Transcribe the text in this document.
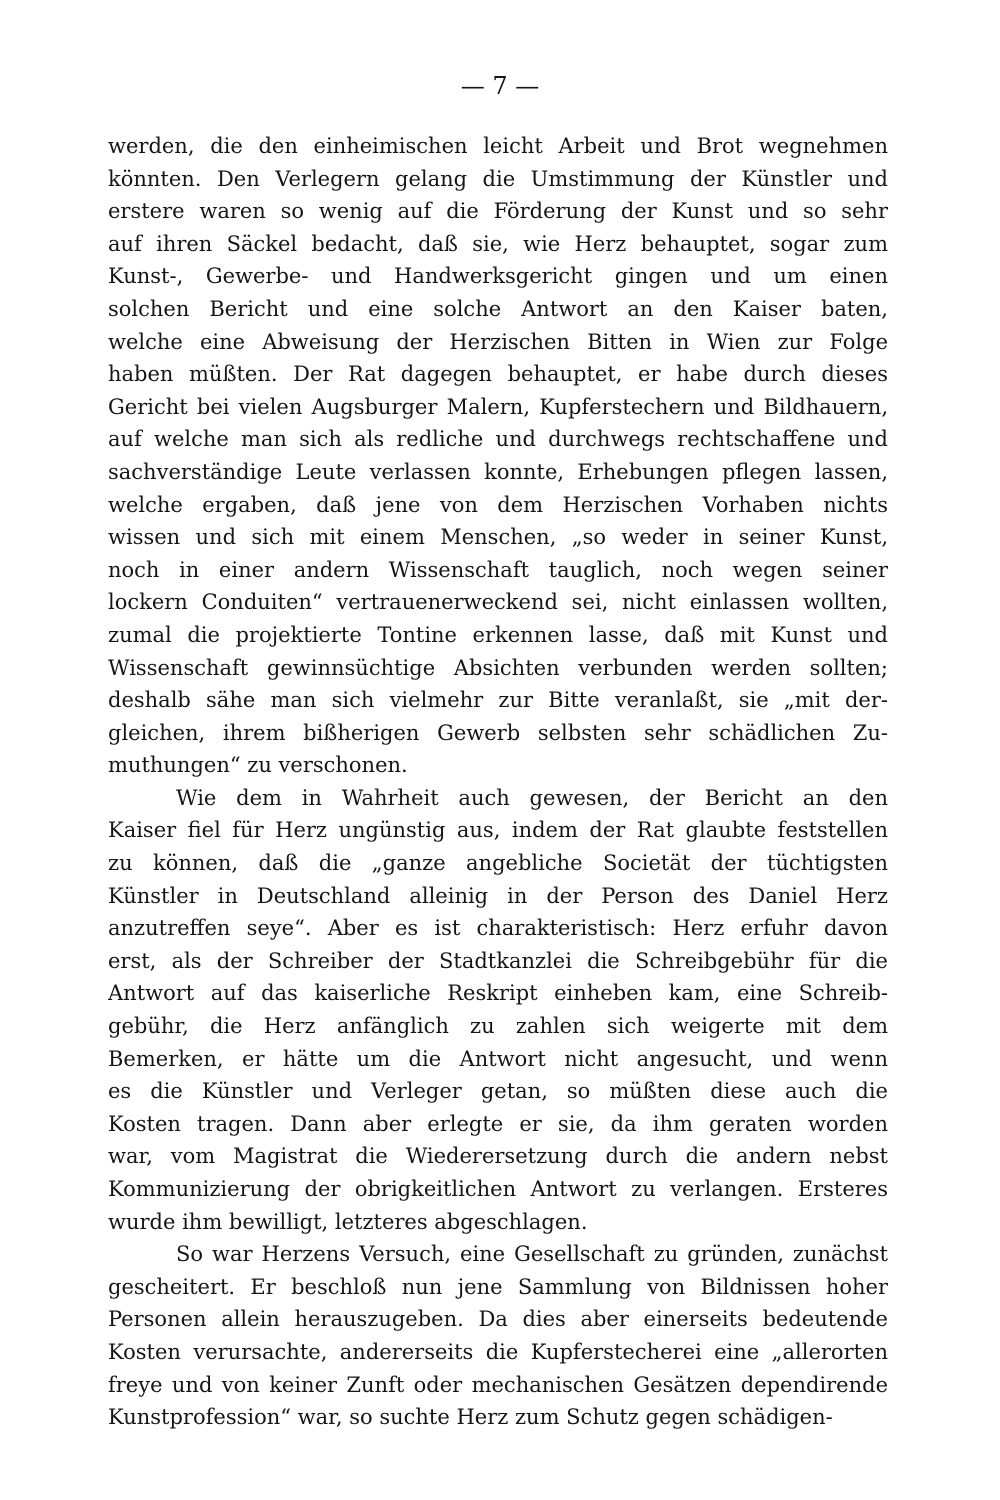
— 7 —
werden, die den einheimischen leicht Arbeit und Brot wegnehmen
könnten. Den Verlegern gelang die Umstimmung der Künstler und
erstere waren so wenig auf die Förderung der Kunst und so sehr
auf ihren Säckel bedacht, daß sie, wie Herz behauptet, sogar zum
Kunst-, Gewerbe- und Handwerksgericht gingen und um einen
solchen Bericht und eine solche Antwort an den Kaiser baten,
welche eine Abweisung der Herzischen Bitten in Wien zur Folge
haben müßten. Der Rat dagegen behauptet, er habe durch dieses
Gericht bei vielen Augsburger Malern, Kupferstechern und Bildhauern,
auf welche man sich als redliche und durchwegs rechtschaffene und
sachverständige Leute verlassen konnte, Erhebungen pflegen lassen,
welche ergaben, daß jene von dem Herzischen Vorhaben nichts
wissen und sich mit einem Menschen, „so weder in seiner Kunst,
noch in einer andern Wissenschaft tauglich, noch wegen seiner
lockern Conduiten“ vertrauenerweckend sei, nicht einlassen wollten,
zumal die projektierte Tontine erkennen lasse, daß mit Kunst und
Wissenschaft gewinnsüchtige Absichten verbunden werden sollten;
deshalb sähe man sich vielmehr zur Bitte veranlaßt, sie „mit der-
gleichen, ihrem bißherigen Gewerb selbsten sehr schädlichen Zu-
muthungen“ zu verschonen.
Wie dem in Wahrheit auch gewesen, der Bericht an den
Kaiser fiel für Herz ungünstig aus, indem der Rat glaubte feststellen
zu können, daß die „ganze angebliche Societät der tüchtigsten
Künstler in Deutschland alleinig in der Person des Daniel Herz
anzutreffen seye“. Aber es ist charakteristisch: Herz erfuhr davon
erst, als der Schreiber der Stadtkanzlei die Schreibgebühr für die
Antwort auf das kaiserliche Reskript einheben kam, eine Schreib-
gebühr, die Herz anfänglich zu zahlen sich weigerte mit dem
Bemerken, er hätte um die Antwort nicht angesucht, und wenn
es die Künstler und Verleger getan, so müßten diese auch die
Kosten tragen. Dann aber erlegte er sie, da ihm geraten worden
war, vom Magistrat die Wiederersetzung durch die andern nebst
Kommunizierung der obrigkeitlichen Antwort zu verlangen. Ersteres
wurde ihm bewilligt, letzteres abgeschlagen.
So war Herzens Versuch, eine Gesellschaft zu gründen, zunächst
gescheitert. Er beschloß nun jene Sammlung von Bildnissen hoher
Personen allein herauszugeben. Da dies aber einerseits bedeutende
Kosten verursachte, andererseits die Kupferstecherei eine „allerorten
freye und von keiner Zunft oder mechanischen Gesätzen dependirende
Kunstprofession“ war, so suchte Herz zum Schutz gegen schädigen-
